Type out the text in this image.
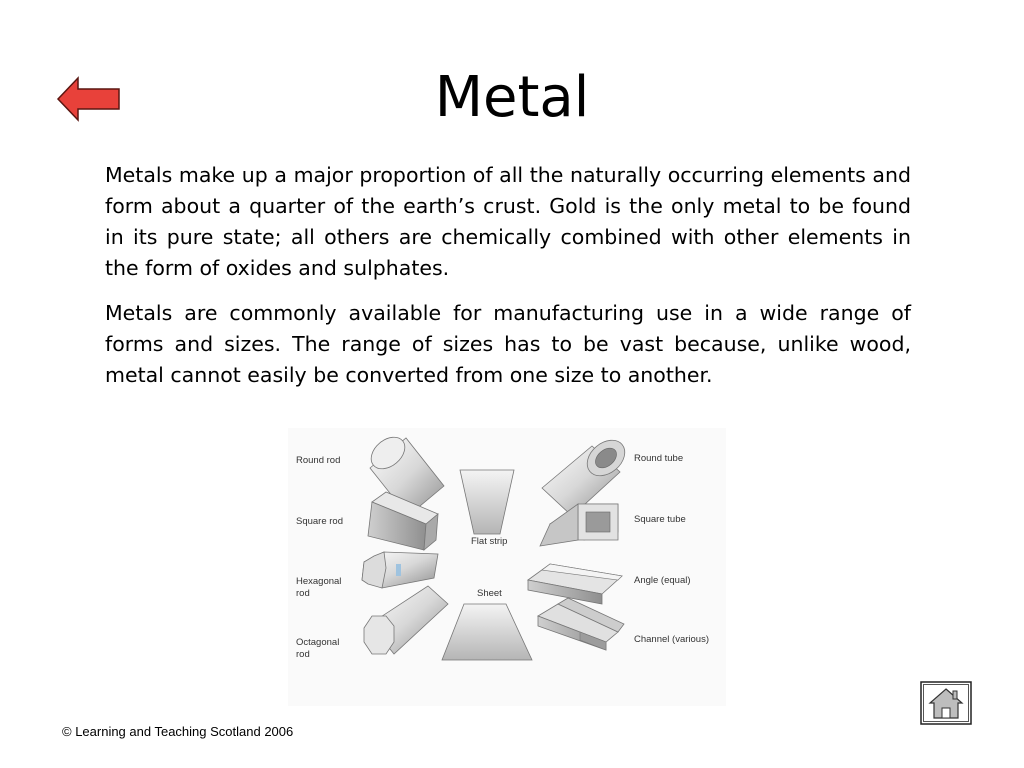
Metal

Metals make up a major proportion of all the naturally occurring elements and form about a quarter of the earth’s crust. Gold is the only metal to be found in its pure state; all others are chemically combined with other elements in the form of oxides and sulphates.

Metals are commonly available for manufacturing use in a wide range of forms and sizes. The range of sizes has to be vast because, unlike wood, metal cannot easily be converted from one size to another.

Round rod
Square rod
Hexagonal
rod
Octagonal
rod
Flat strip
Sheet
Round tube
Square tube
Angle (equal)
Channel (various)
© Learning and Teaching Scotland 2006
